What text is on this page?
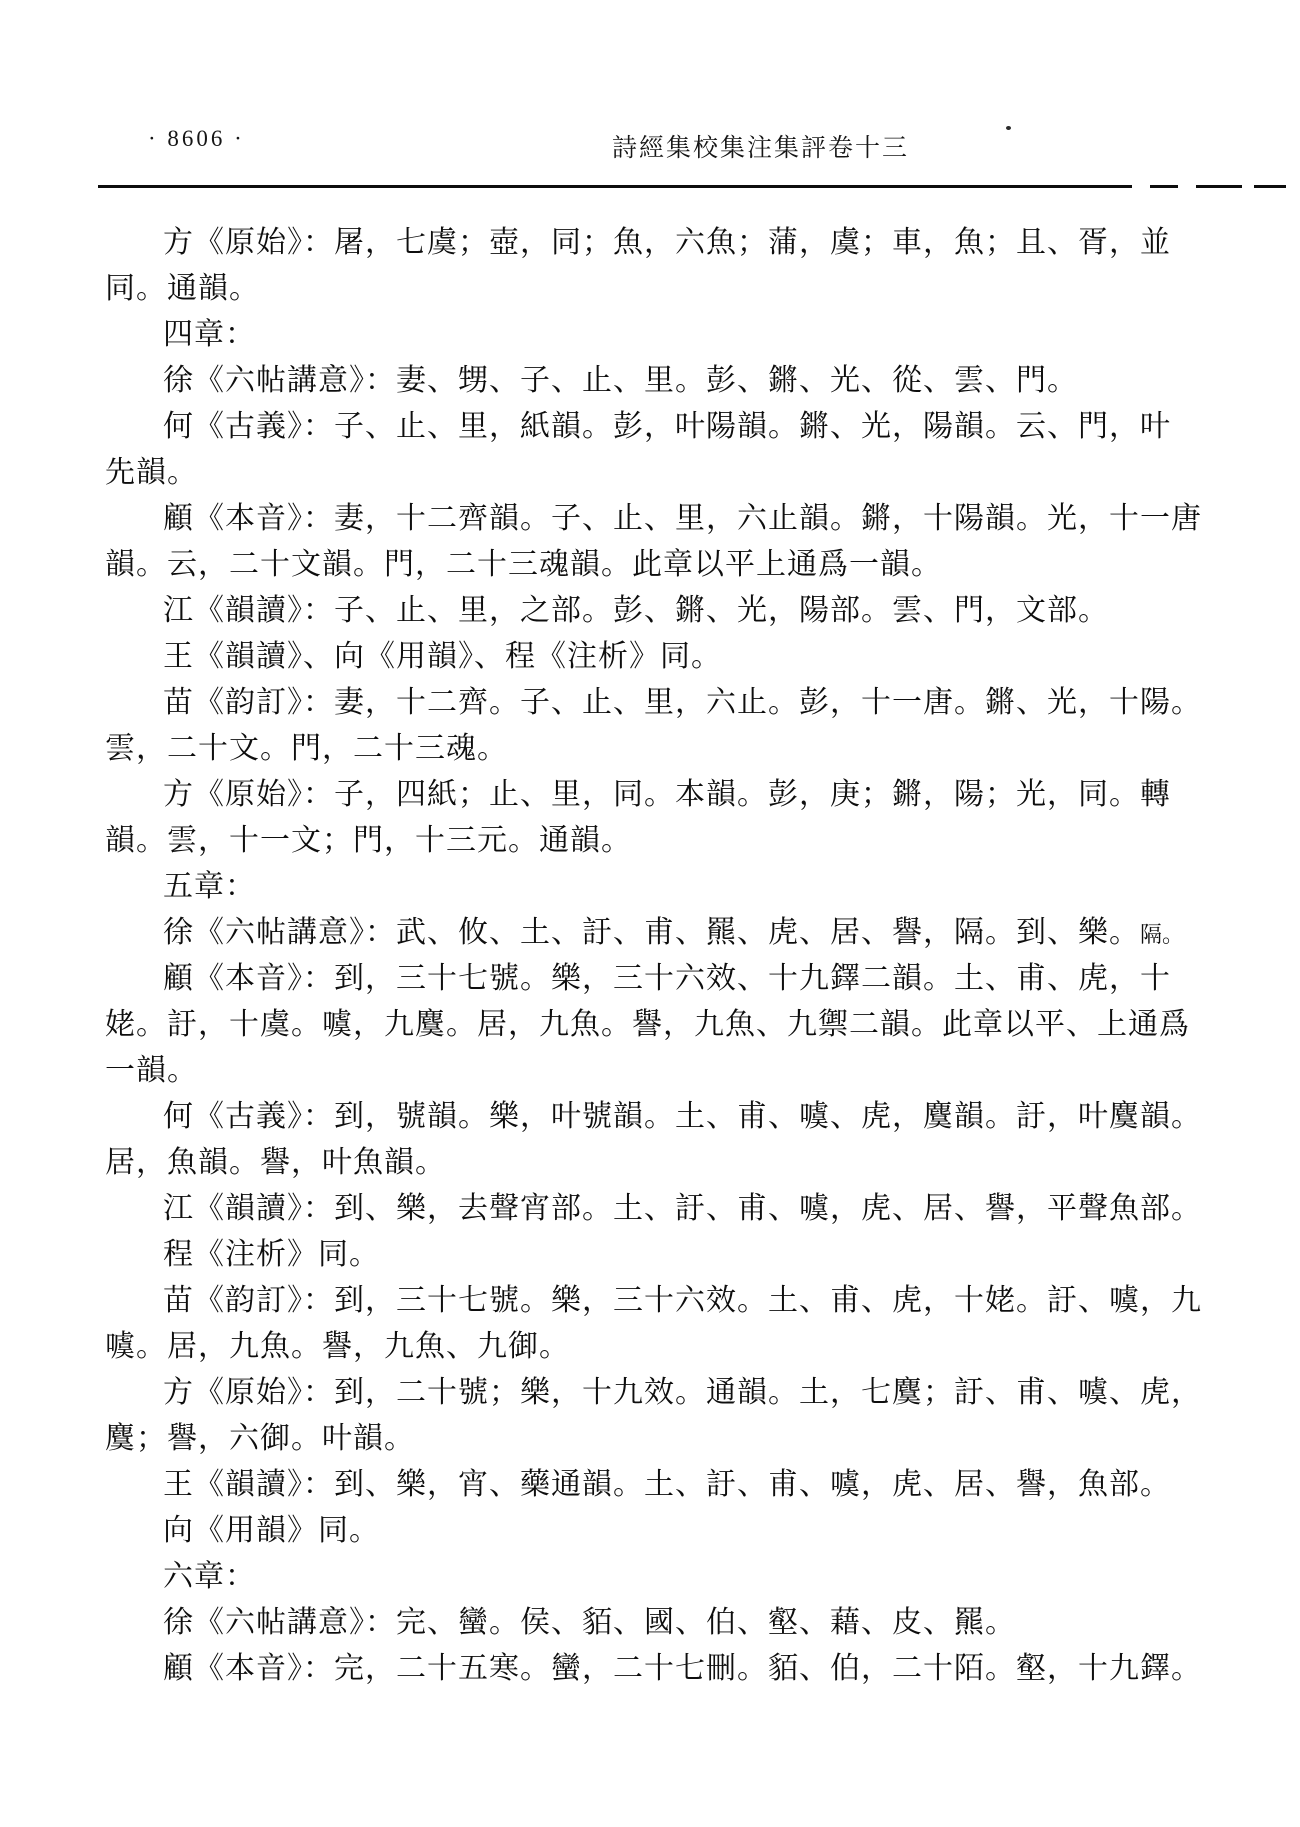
· 8606 ·	詩經集校集注集評卷十三
方《原始》：屠，七虞；壺，同；魚，六魚；蒲，虞；車，魚；且、胥，並
同。通韻。
四章：
徐《六帖講意》：妻、甥、子、止、里。彭、鏘、光、從、雲、門。
何《古義》：子、止、里，紙韻。彭，叶陽韻。鏘、光，陽韻。云、門，叶
先韻。
顧《本音》：妻，十二齊韻。子、止、里，六止韻。鏘，十陽韻。光，十一唐
韻。云，二十文韻。門，二十三魂韻。此章以平上通爲一韻。
江《韻讀》：子、止、里，之部。彭、鏘、光，陽部。雲、門，文部。
王《韻讀》、向《用韻》、程《注析》同。
苗《韵訂》：妻，十二齊。子、止、里，六止。彭，十一唐。鏘、光，十陽。
雲，二十文。門，二十三魂。
方《原始》：子，四紙；止、里，同。本韻。彭，庚；鏘，陽；光，同。轉
韻。雲，十一文；門，十三元。通韻。
五章：
徐《六帖講意》：武、攸、土、訏、甫、羆、虎、居、譽，隔。到、樂。隔。
顧《本音》：到，三十七號。樂，三十六效、十九鐸二韻。土、甫、虎，十
姥。訏，十虞。噳，九麌。居，九魚。譽，九魚、九禦二韻。此章以平、上通爲
一韻。
何《古義》：到，號韻。樂，叶號韻。土、甫、噳、虎，麌韻。訏，叶麌韻。
居，魚韻。譽，叶魚韻。
江《韻讀》：到、樂，去聲宵部。土、訏、甫、噳，虎、居、譽，平聲魚部。
程《注析》同。
苗《韵訂》：到，三十七號。樂，三十六效。土、甫、虎，十姥。訏、噳，九
噳。居，九魚。譽，九魚、九御。
方《原始》：到，二十號；樂，十九效。通韻。土，七麌；訏、甫、噳、虎，
麌；譽，六御。叶韻。
王《韻讀》：到、樂，宵、藥通韻。土、訏、甫、噳，虎、居、譽，魚部。
向《用韻》同。
六章：
徐《六帖講意》：完、蠻。侯、貊、國、伯、壑、藉、皮、羆。
顧《本音》：完，二十五寒。蠻，二十七刪。貊、伯，二十陌。壑，十九鐸。
